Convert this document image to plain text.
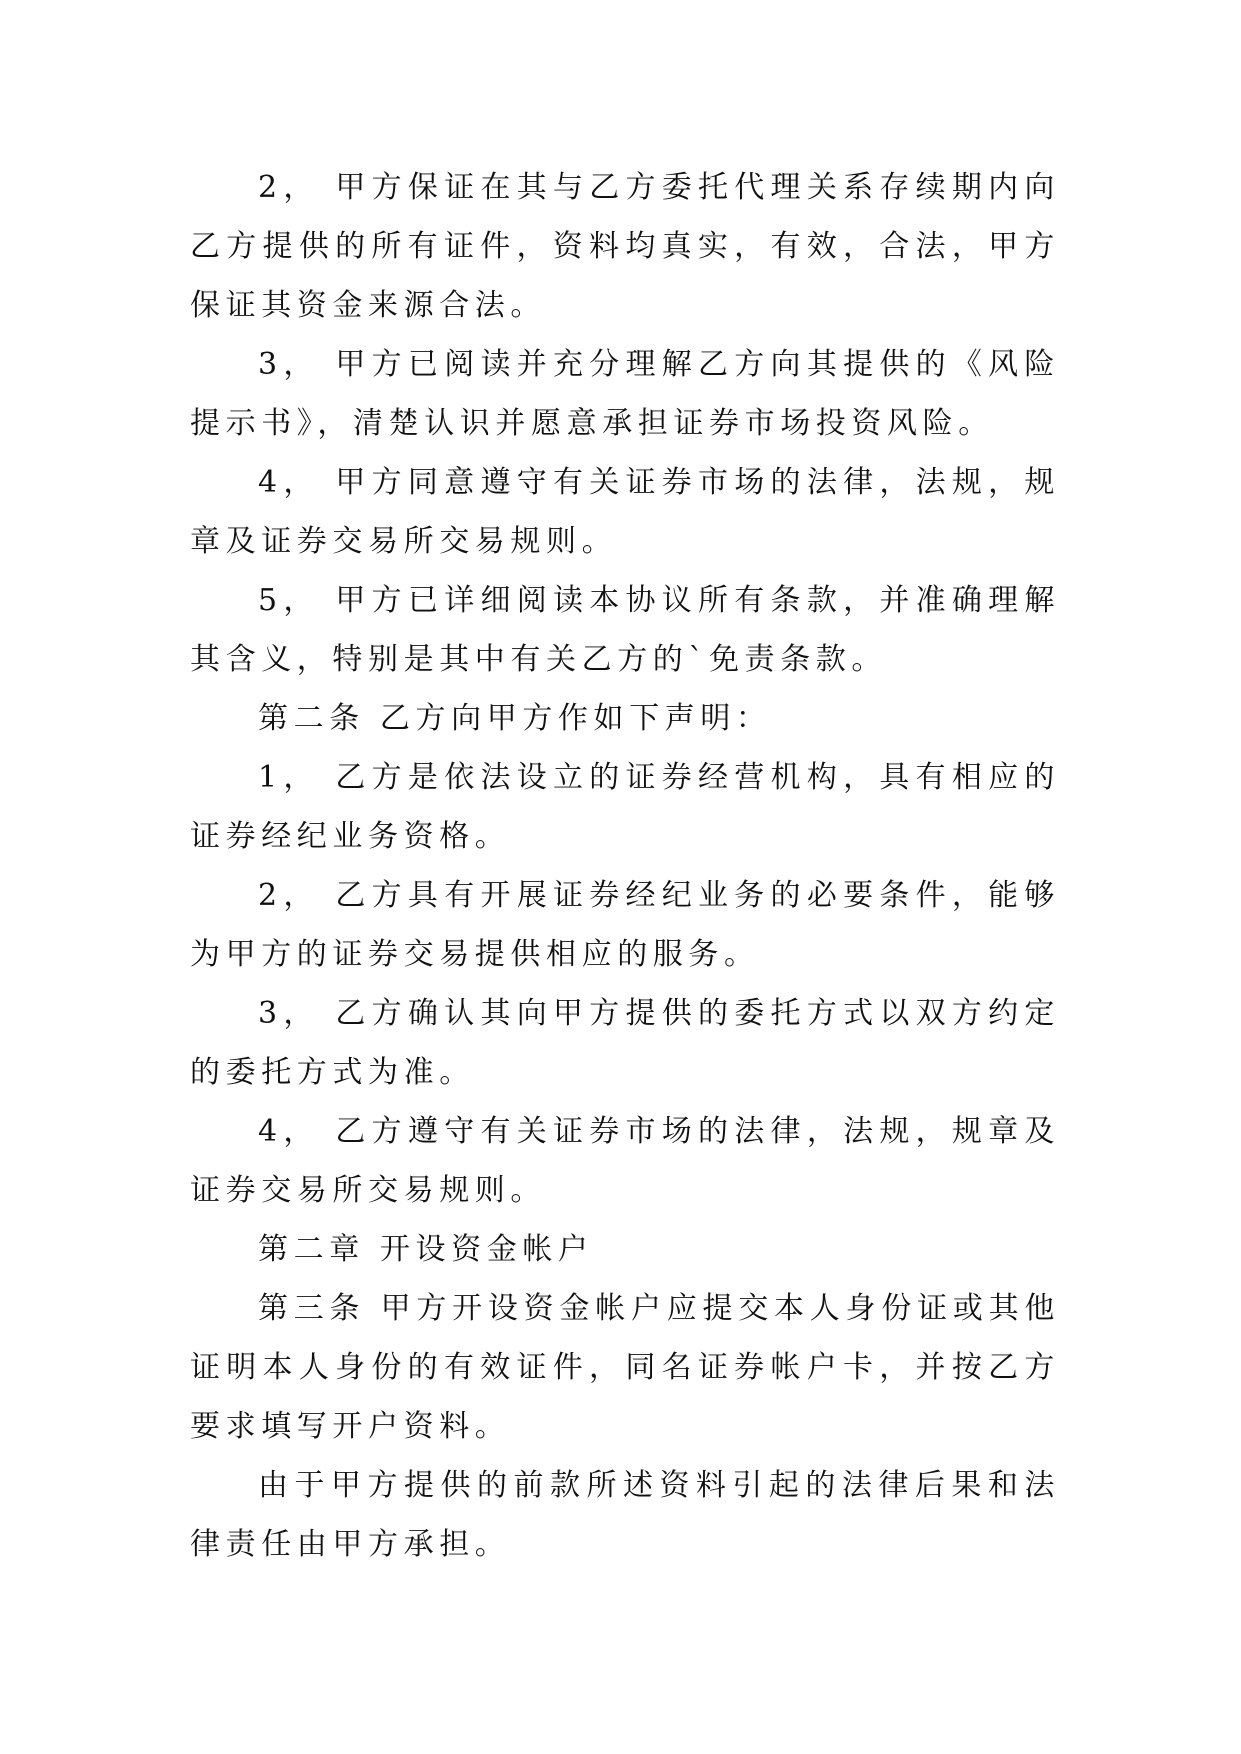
2， 甲方保证在其与乙方委托代理关系存续期内向乙方提供的所有证件，资料均真实，有效，合法，甲方保证其资金来源合法。

3， 甲方已阅读并充分理解乙方向其提供的《风险提示书》，清楚认识并愿意承担证券市场投资风险。

4， 甲方同意遵守有关证券市场的法律，法规，规章及证券交易所交易规则。

5， 甲方已详细阅读本协议所有条款，并准确理解其含义，特别是其中有关乙方的`免责条款。

第二条 乙方向甲方作如下声明：

1， 乙方是依法设立的证券经营机构，具有相应的证券经纪业务资格。

2， 乙方具有开展证券经纪业务的必要条件，能够为甲方的证券交易提供相应的服务。

3， 乙方确认其向甲方提供的委托方式以双方约定的委托方式为准。

4， 乙方遵守有关证券市场的法律，法规，规章及证券交易所交易规则。

第二章 开设资金帐户

第三条 甲方开设资金帐户应提交本人身份证或其他证明本人身份的有效证件，同名证券帐户卡，并按乙方要求填写开户资料。

由于甲方提供的前款所述资料引起的法律后果和法律责任由甲方承担。
